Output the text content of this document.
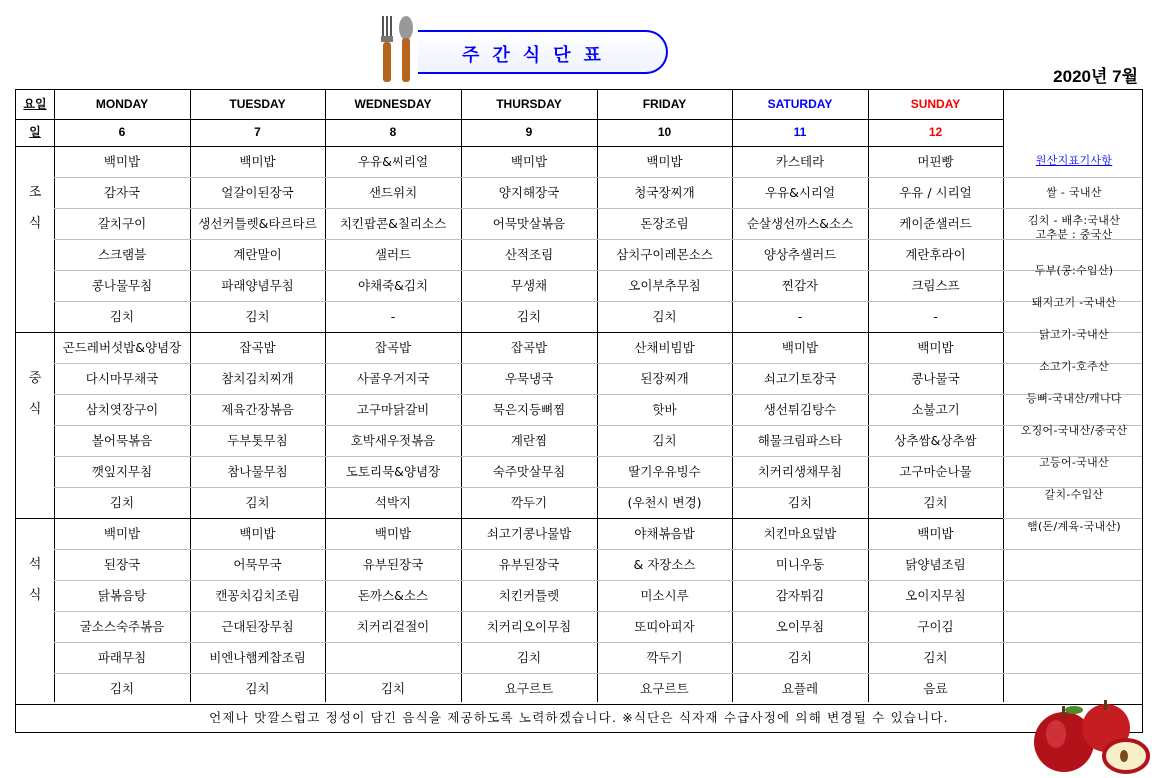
주간식단표
2020년 7월
언제나 맛깔스럽고 정성이 담긴 음식을 제공하도록 노력하겠습니다. ※식단은 식자재 수급사정에 의해 변경될 수 있습니다.
요일
일
MONDAY
6
TUESDAY
7
WEDNESDAY
8
THURSDAY
9
FRIDAY
10
SATURDAY
11
SUNDAY
12
조
식
백미밥
감자국
갈치구이
스크램블
콩나물무침
김치
백미밥
얼갈이된장국
생선커틀렛&타르타르
계란말이
파래양념무침
김치
우유&씨리얼
샌드위치
치킨팝콘&칠리소스
샐러드
야채죽&김치
-
백미밥
양지해장국
어묵맛살볶음
산적조림
무생채
김치
백미밥
청국장찌개
돈장조림
삼치구이레몬소스
오이부추무침
김치
카스테라
우유&시리얼
순살생선까스&소스
양상추샐러드
찐감자
-
머핀빵
우유 / 시리얼
케이준샐러드
계란후라이
크림스프
-
중
식
곤드레버섯밥&양념장
다시마무채국
삼치엿장구이
볼어묵볶음
깻잎지무침
김치
잡곡밥
참치김치찌개
제육간장볶음
두부톳무침
참나물무침
김치
잡곡밥
사골우거지국
고구마닭갈비
호박새우젓볶음
도토리묵&양념장
석박지
잡곡밥
우묵냉국
묵은지등뼈찜
계란찜
숙주맛살무침
깍두기
산채비빔밥
된장찌개
핫바
김치
딸기우유빙수
(우천시 변경)
백미밥
쇠고기토장국
생선튀김탕수
해물크림파스타
치커리생채무침
김치
백미밥
콩나물국
소불고기
상추쌈&상추쌈
고구마순나물
김치
석
식
백미밥
된장국
닭볶음탕
굴소스숙주볶음
파래무침
김치
백미밥
어묵무국
캔꽁치김치조림
근대된장무침
비엔나햄케찹조림
김치
백미밥
유부된장국
돈까스&소스
치커리겉절이
김치
쇠고기콩나물밥
유부된장국
치킨커틀렛
치커리오이무침
김치
요구르트
야채볶음밥
& 자장소스
미소시루
또띠아피자
깍두기
요구르트
치킨마요덮밥
미니우동
감자튀김
오이무침
김치
요플레
백미밥
닭양념조림
오이지무침
구이김
김치
음료
원산지표기사항
쌀 - 국내산
김치 - 배추:국내산
고추분 : 중국산
두부(콩:수입산)
돼지고기 -국내산
닭고기-국내산
소고기-호주산
등뼈-국내산/캐나다
오징어-국내산/중국산
고등어-국내산
갈치-수입산
햄(돈/계육-국내산)
